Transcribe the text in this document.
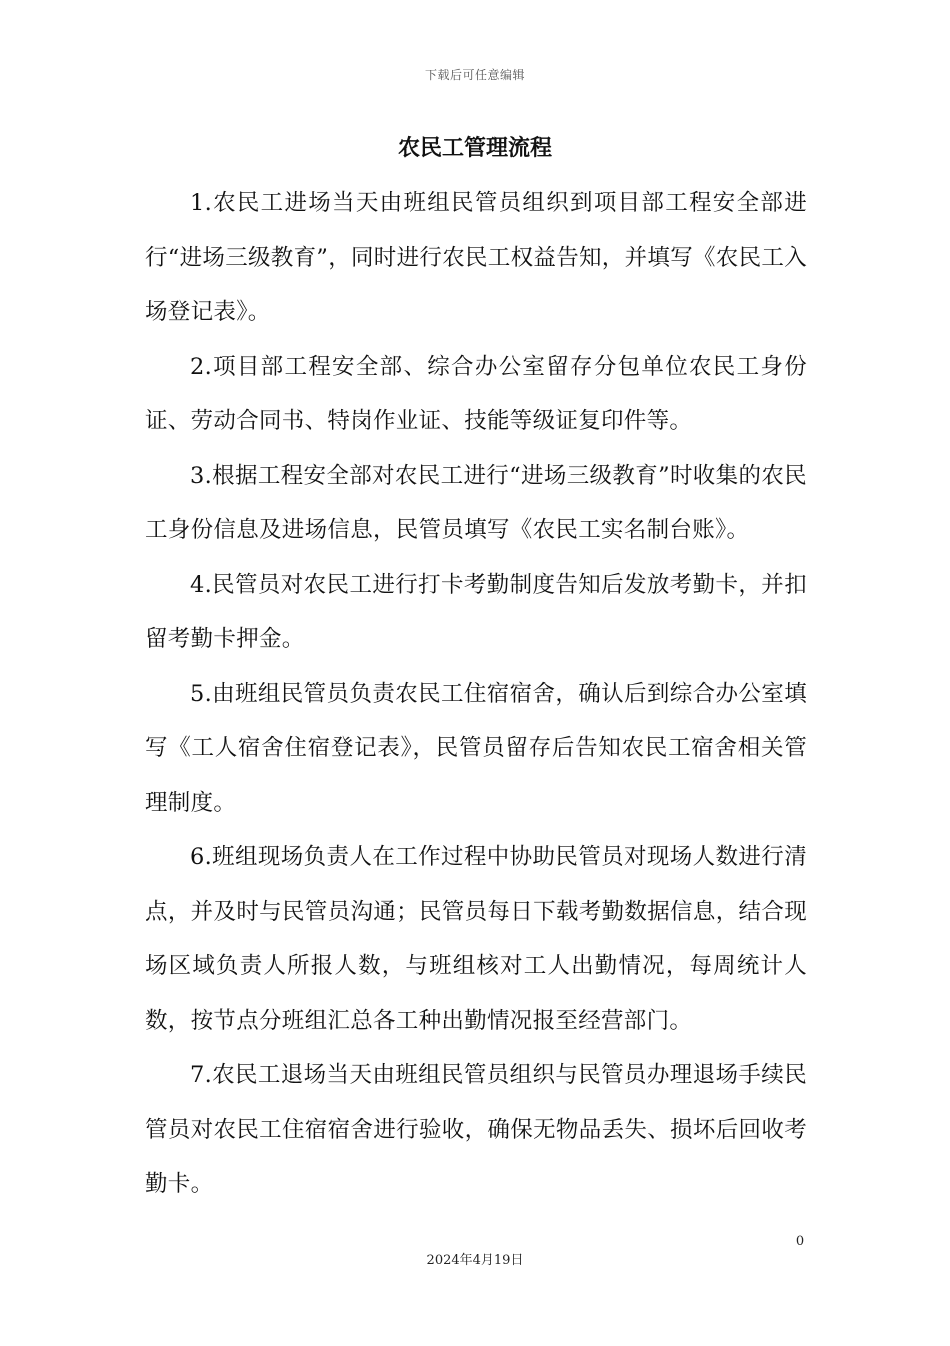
下载后可任意编辑
农民工管理流程

1.农民工进场当天由班组民管员组织到项目部工程安全部进行“进场三级教育”，同时进行农民工权益告知，并填写《农民工入场登记表》。

2.项目部工程安全部、综合办公室留存分包单位农民工身份证、劳动合同书、特岗作业证、技能等级证复印件等。

3.根据工程安全部对农民工进行“进场三级教育”时收集的农民工身份信息及进场信息，民管员填写《农民工实名制台账》。

4.民管员对农民工进行打卡考勤制度告知后发放考勤卡，并扣留考勤卡押金。

5.由班组民管员负责农民工住宿宿舍，确认后到综合办公室填写《工人宿舍住宿登记表》，民管员留存后告知农民工宿舍相关管理制度。

6.班组现场负责人在工作过程中协助民管员对现场人数进行清点，并及时与民管员沟通；民管员每日下载考勤数据信息，结合现场区域负责人所报人数，与班组核对工人出勤情况，每周统计人数，按节点分班组汇总各工种出勤情况报至经营部门。

7.农民工退场当天由班组民管员组织与民管员办理退场手续民管员对农民工住宿宿舍进行验收，确保无物品丢失、损坏后回收考勤卡。

0
2024年4月19日
